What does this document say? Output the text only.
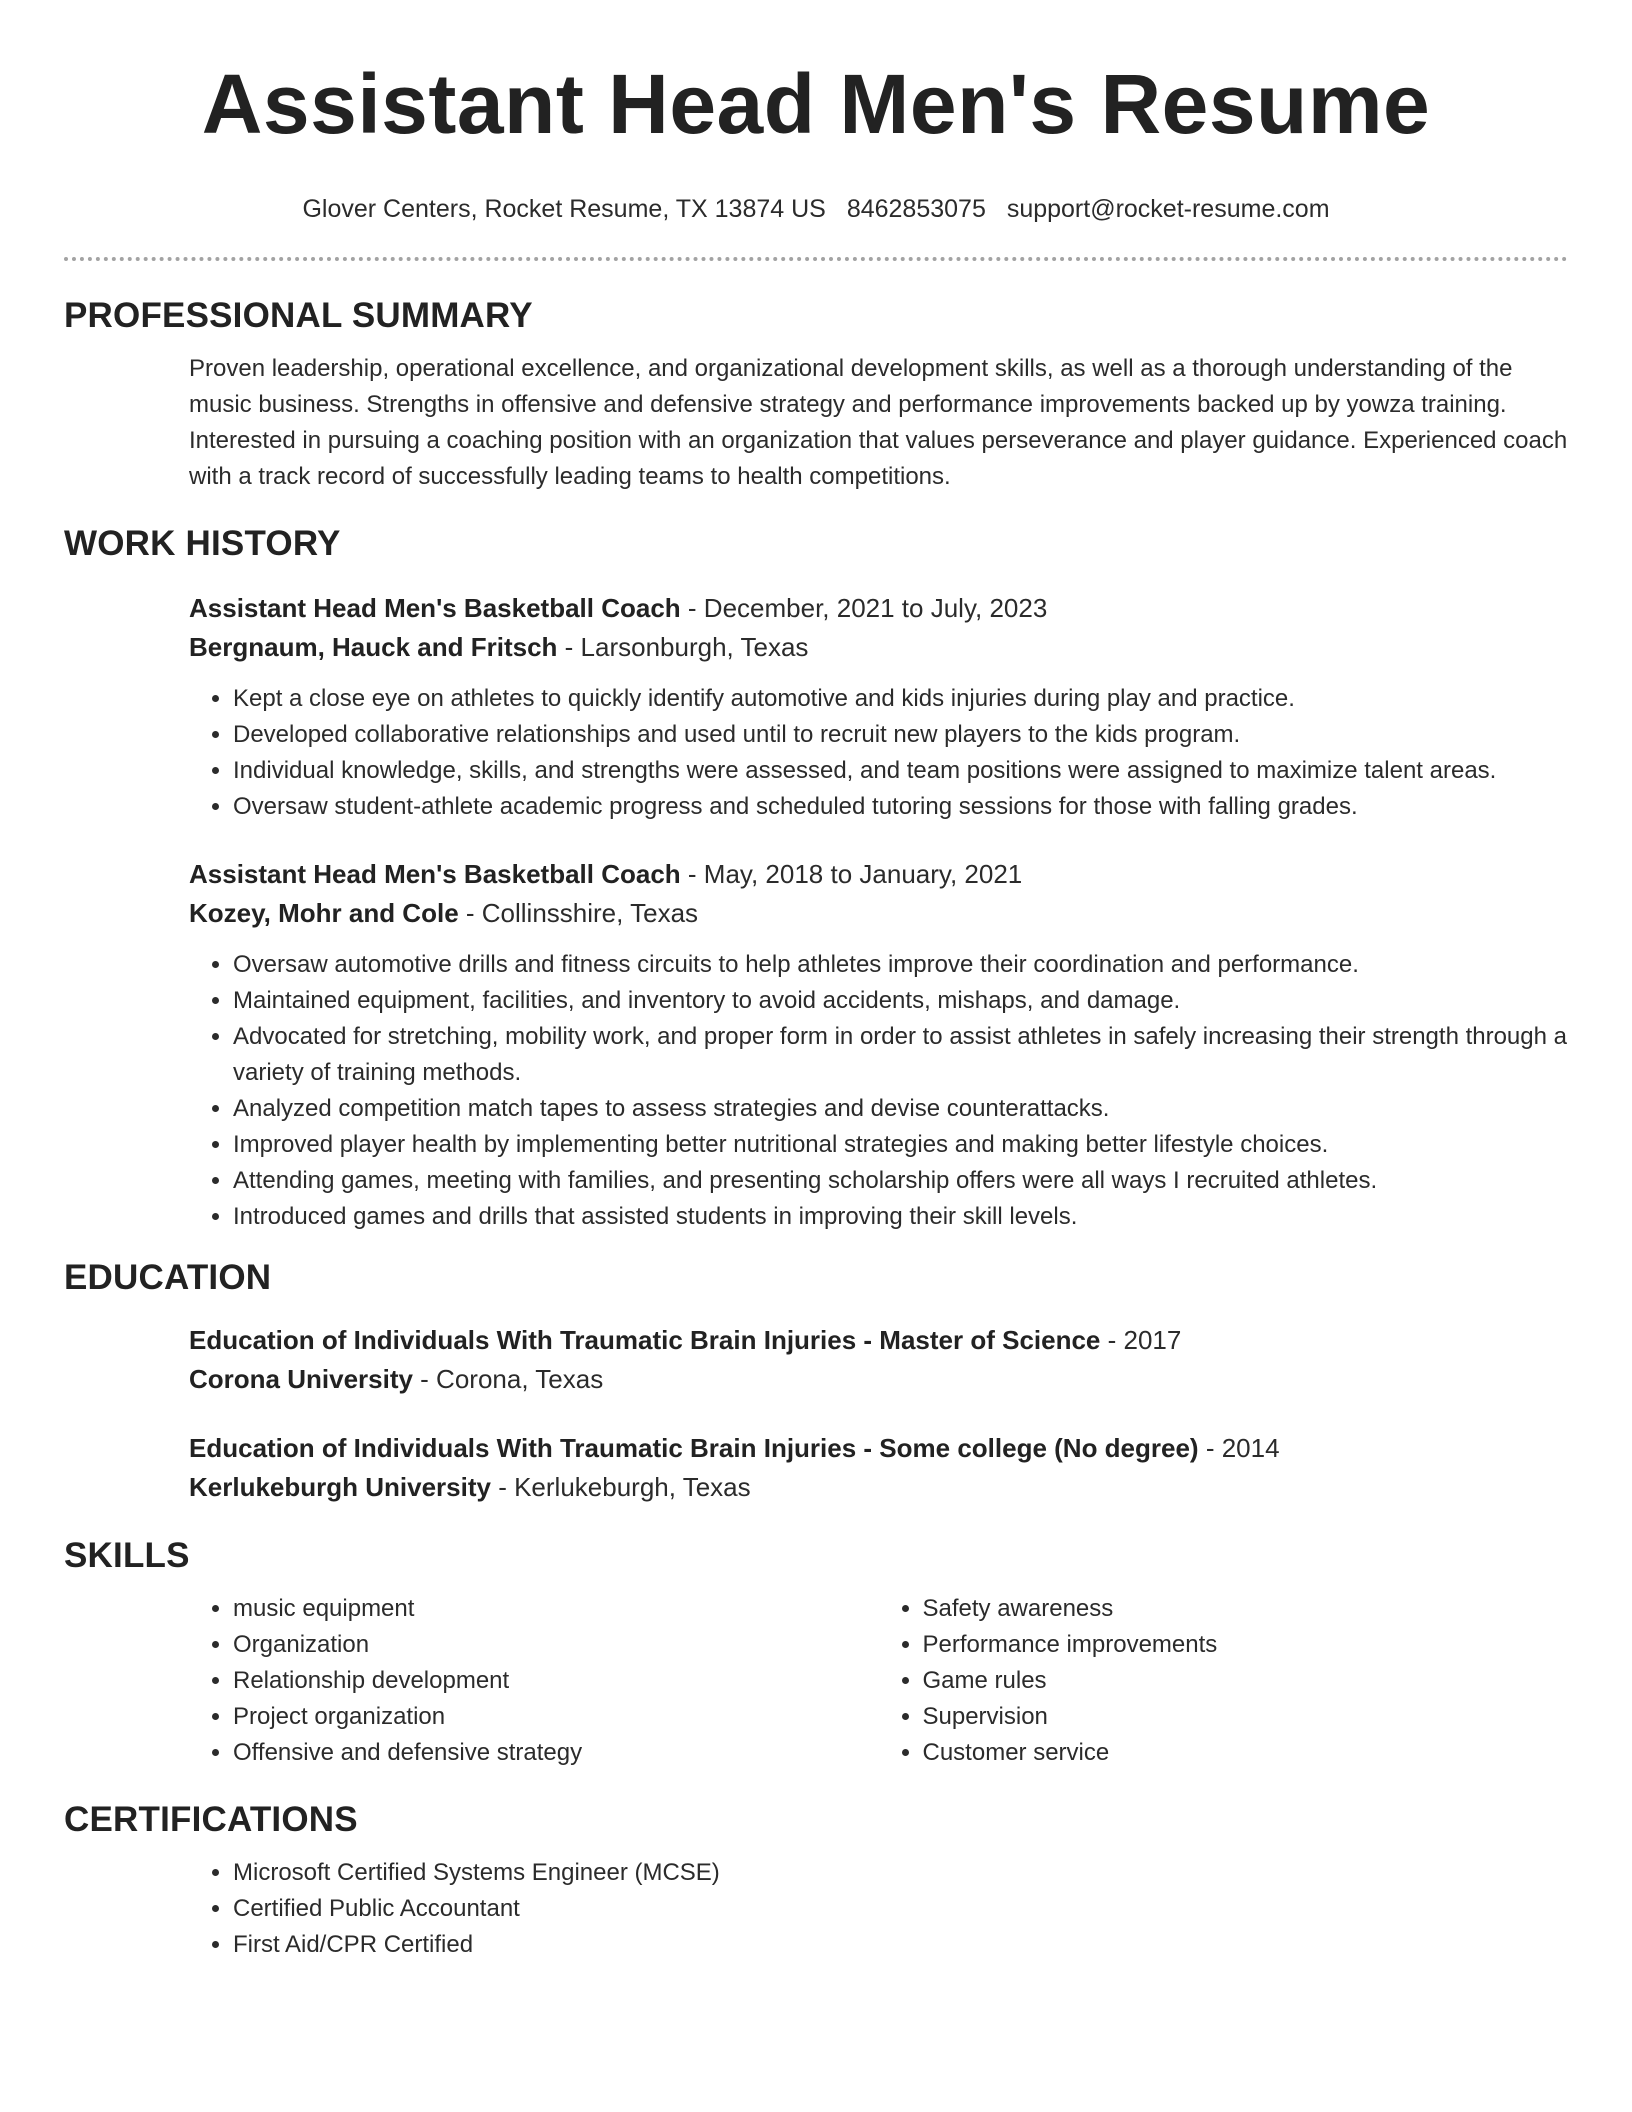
Assistant Head Men's Resume
Glover Centers, Rocket Resume, TX 13874 US 8462853075 support@rocket-resume.com
PROFESSIONAL SUMMARY

Proven leadership, operational excellence, and organizational development skills, as well as a thorough understanding of the music business. Strengths in offensive and defensive strategy and performance improvements backed up by yowza training. Interested in pursuing a coaching position with an organization that values perseverance and player guidance. Experienced coach with a track record of successfully leading teams to health competitions.

WORK HISTORY
Assistant Head Men's Basketball Coach - December, 2021 to July, 2023
Bergnaum, Hauck and Fritsch - Larsonburgh, Texas
• Kept a close eye on athletes to quickly identify automotive and kids injuries during play and practice.
• Developed collaborative relationships and used until to recruit new players to the kids program.
• Individual knowledge, skills, and strengths were assessed, and team positions were assigned to maximize talent areas.
• Oversaw student-athlete academic progress and scheduled tutoring sessions for those with falling grades.
Assistant Head Men's Basketball Coach - May, 2018 to January, 2021
Kozey, Mohr and Cole - Collinsshire, Texas
• Oversaw automotive drills and fitness circuits to help athletes improve their coordination and performance.
• Maintained equipment, facilities, and inventory to avoid accidents, mishaps, and damage.
• Advocated for stretching, mobility work, and proper form in order to assist athletes in safely increasing their strength through a variety of training methods.
• Analyzed competition match tapes to assess strategies and devise counterattacks.
• Improved player health by implementing better nutritional strategies and making better lifestyle choices.
• Attending games, meeting with families, and presenting scholarship offers were all ways I recruited athletes.
• Introduced games and drills that assisted students in improving their skill levels.
EDUCATION
Education of Individuals With Traumatic Brain Injuries - Master of Science - 2017
Corona University - Corona, Texas
Education of Individuals With Traumatic Brain Injuries - Some college (No degree) - 2014
Kerlukeburgh University - Kerlukeburgh, Texas
SKILLS
• music equipment
• Organization
• Relationship development
• Project organization
• Offensive and defensive strategy
• Safety awareness
• Performance improvements
• Game rules
• Supervision
• Customer service
CERTIFICATIONS
• Microsoft Certified Systems Engineer (MCSE)
• Certified Public Accountant
• First Aid/CPR Certified
